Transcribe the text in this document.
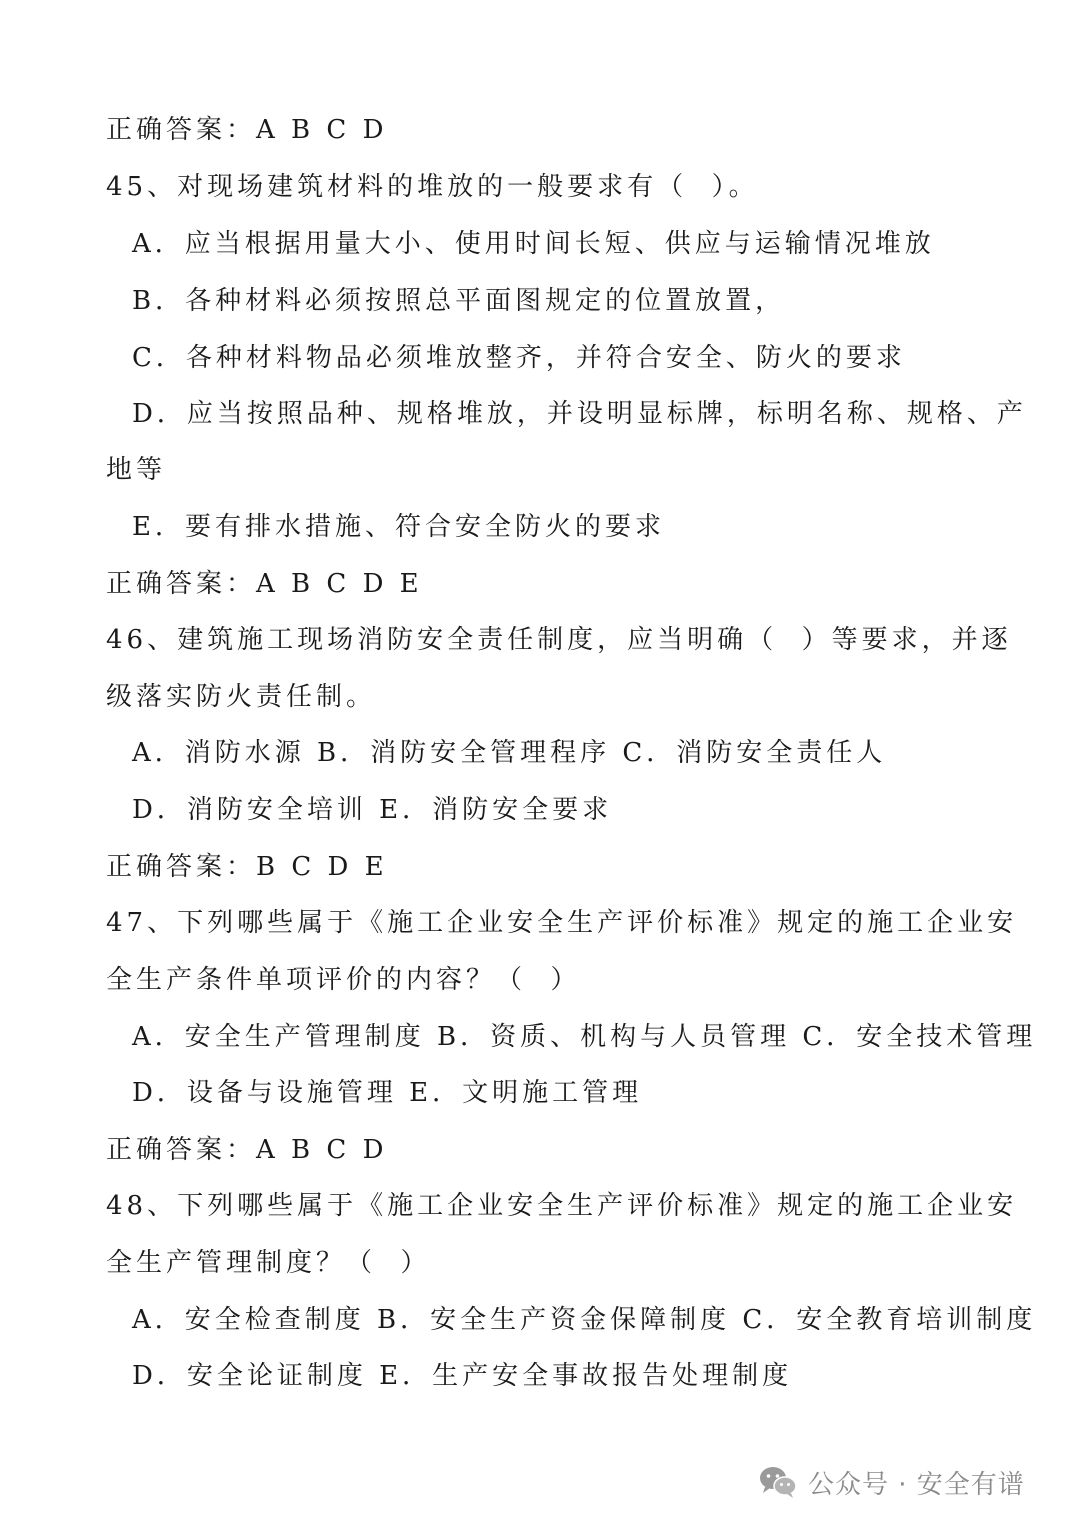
正确答案：A B C D
45、对现场建筑材料的堆放的一般要求有（  ）。
A．应当根据用量大小、使用时间长短、供应与运输情况堆放
B．各种材料必须按照总平面图规定的位置放置，
C．各种材料物品必须堆放整齐，并符合安全、防火的要求
D．应当按照品种、规格堆放，并设明显标牌，标明名称、规格、产
地等
E．要有排水措施、符合安全防火的要求
正确答案：A B C D E
46、建筑施工现场消防安全责任制度，应当明确（  ）等要求，并逐
级落实防火责任制。
A．消防水源 B．消防安全管理程序 C．消防安全责任人
D．消防安全培训 E．消防安全要求
正确答案：B C D E
47、下列哪些属于《施工企业安全生产评价标准》规定的施工企业安
全生产条件单项评价的内容？（  ）
A．安全生产管理制度 B．资质、机构与人员管理 C．安全技术管理
D．设备与设施管理 E．文明施工管理
正确答案：A B C D
48、下列哪些属于《施工企业安全生产评价标准》规定的施工企业安
全生产管理制度？（  ）
A．安全检查制度 B．安全生产资金保障制度 C．安全教育培训制度
D．安全论证制度 E．生产安全事故报告处理制度
公众号 · 安全有谱
